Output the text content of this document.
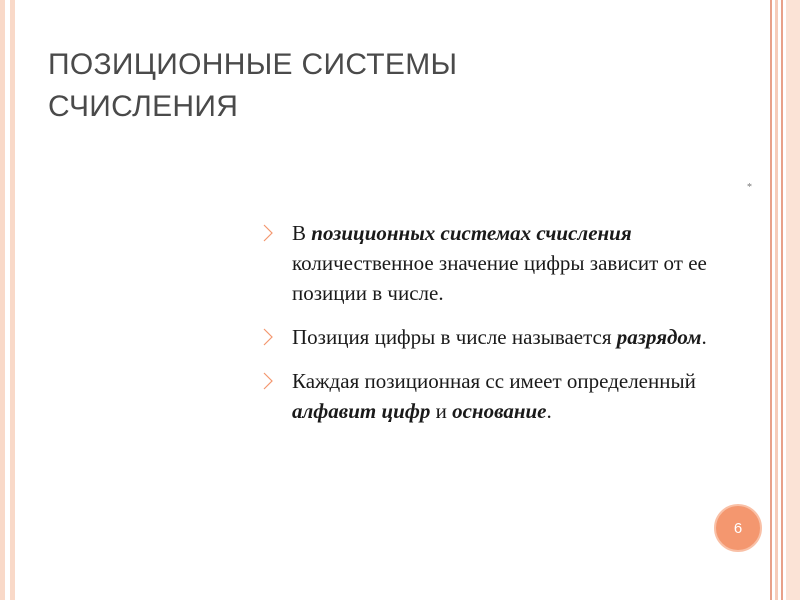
ПОЗИЦИОННЫЕ СИСТЕМЫ
СЧИСЛЕНИЯ
*
В позиционных системах счисления количественное значение цифры зависит от ее позиции в числе.
Позиция цифры в числе называется разрядом.
Каждая позиционная сс имеет определенный алфавит цифр и основание.
6
